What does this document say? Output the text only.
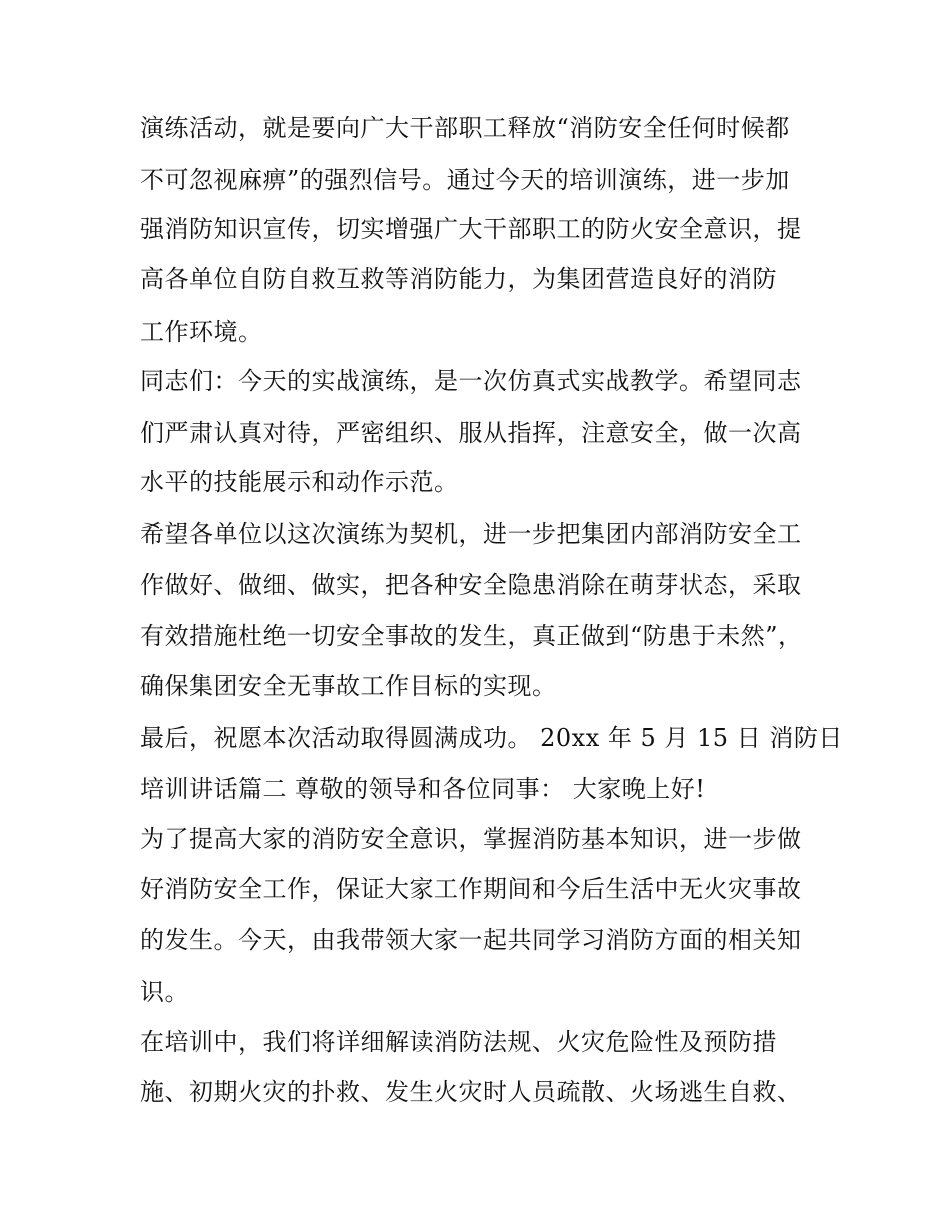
演练活动，就是要向广大干部职工释放“消防安全任何时候都
不可忽视麻痹”的强烈信号。通过今天的培训演练，进一步加
强消防知识宣传，切实增强广大干部职工的防火安全意识，提
高各单位自防自救互救等消防能力，为集团营造良好的消防
工作环境。
同志们：今天的实战演练，是一次仿真式实战教学。希望同志
们严肃认真对待，严密组织、服从指挥，注意安全，做一次高
水平的技能展示和动作示范。
希望各单位以这次演练为契机，进一步把集团内部消防安全工
作做好、做细、做实，把各种安全隐患消除在萌芽状态，采取
有效措施杜绝一切安全事故的发生，真正做到“防患于未然”，
确保集团安全无事故工作目标的实现。
最后，祝愿本次活动取得圆满成功。 20xx 年 5 月 15 日 消防日
培训讲话篇二 尊敬的领导和各位同事： 大家晚上好!
为了提高大家的消防安全意识，掌握消防基本知识，进一步做
好消防安全工作，保证大家工作期间和今后生活中无火灾事故
的发生。今天，由我带领大家一起共同学习消防方面的相关知
识。
在培训中，我们将详细解读消防法规、火灾危险性及预防措
施、初期火灾的扑救、发生火灾时人员疏散、火场逃生自救、
